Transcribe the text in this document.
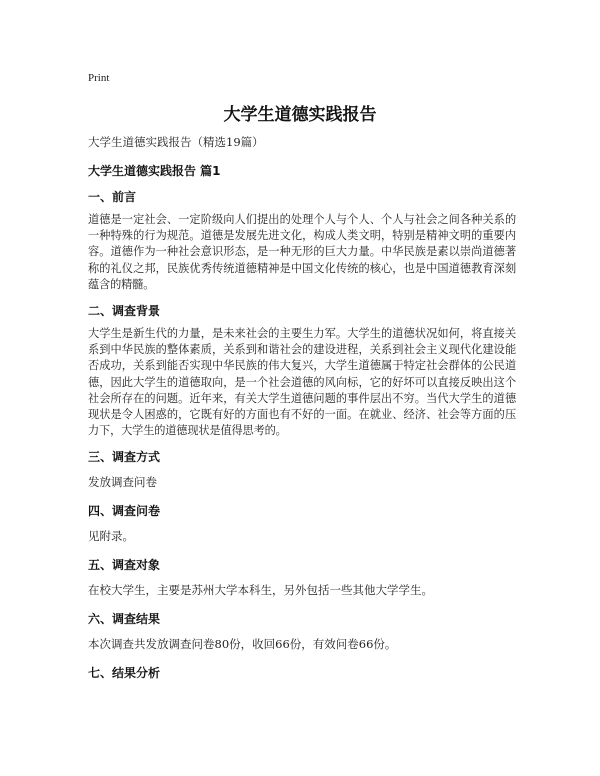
Print
大学生道德实践报告
大学生道德实践报告（精选19篇）
大学生道德实践报告 篇1
一、前言
道德是一定社会、一定阶级向人们提出的处理个人与个人、个人与社会之间各种关系的一种特殊的行为规范。道德是发展先进文化，构成人类文明，特别是精神文明的重要内容。道德作为一种社会意识形态，是一种无形的巨大力量。中华民族是素以崇尚道德著称的礼仪之邦，民族优秀传统道德精神是中国文化传统的核心，也是中国道德教育深刻蕴含的精髓。
二、调查背景
大学生是新生代的力量，是未来社会的主要生力军。大学生的道德状况如何，将直接关系到中华民族的整体素质，关系到和谐社会的建设进程，关系到社会主义现代化建设能否成功，关系到能否实现中华民族的伟大复兴，大学生道德属于特定社会群体的公民道德，因此大学生的道德取向，是一个社会道德的风向标，它的好坏可以直接反映出这个社会所存在的问题。近年来，有关大学生道德问题的事件层出不穷。当代大学生的道德现状是令人困惑的，它既有好的方面也有不好的一面。在就业、经济、社会等方面的压力下，大学生的道德现状是值得思考的。
三、调查方式
发放调查问卷
四、调查问卷
见附录。
五、调查对象
在校大学生，主要是苏州大学本科生，另外包括一些其他大学学生。
六、调查结果
本次调查共发放调查问卷80份，收回66份，有效问卷66份。
七、结果分析
